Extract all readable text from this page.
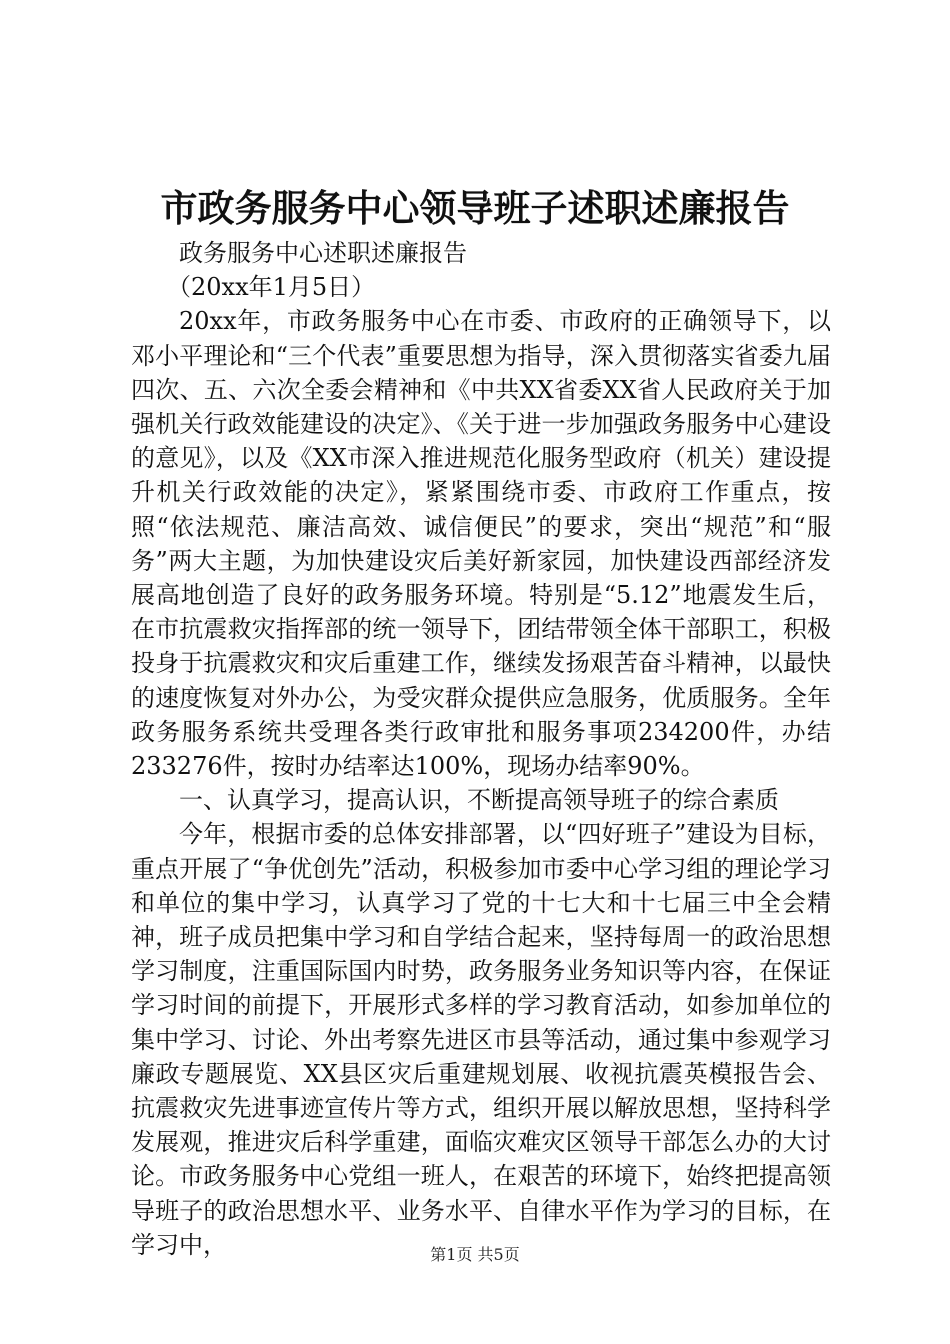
市政务服务中心领导班子述职述廉报告

政务服务中心述职述廉报告

（20xx年1月5日）

20xx年，市政务服务中心在市委、市政府的正确领导下，以邓小平理论和“三个代表”重要思想为指导，深入贯彻落实省委九届四次、五、六次全委会精神和《中共XX省委XX省人民政府关于加强机关行政效能建设的决定》、《关于进一步加强政务服务中心建设的意见》，以及《XX市深入推进规范化服务型政府（机关）建设提升机关行政效能的决定》，紧紧围绕市委、市政府工作重点，按照“依法规范、廉洁高效、诚信便民”的要求，突出“规范”和“服务”两大主题，为加快建设灾后美好新家园，加快建设西部经济发展高地创造了良好的政务服务环境。特别是“5.12”地震发生后，在市抗震救灾指挥部的统一领导下，团结带领全体干部职工，积极投身于抗震救灾和灾后重建工作，继续发扬艰苦奋斗精神，以最快的速度恢复对外办公，为受灾群众提供应急服务，优质服务。全年政务服务系统共受理各类行政审批和服务事项234200件，办结233276件，按时办结率达100%，现场办结率90%。

一、认真学习，提高认识，不断提高领导班子的综合素质

今年，根据市委的总体安排部署，以“四好班子”建设为目标，重点开展了“争优创先”活动，积极参加市委中心学习组的理论学习和单位的集中学习，认真学习了党的十七大和十七届三中全会精神，班子成员把集中学习和自学结合起来，坚持每周一的政治思想学习制度，注重国际国内时势，政务服务业务知识等内容，在保证学习时间的前提下，开展形式多样的学习教育活动，如参加单位的集中学习、讨论、外出考察先进区市县等活动，通过集中参观学习廉政专题展览、XX县区灾后重建规划展、收视抗震英模报告会、抗震救灾先进事迹宣传片等方式，组织开展以解放思想，坚持科学发展观，推进灾后科学重建，面临灾难灾区领导干部怎么办的大讨论。市政务服务中心党组一班人，在艰苦的环境下，始终把提高领导班子的政治思想水平、业务水平、自律水平作为学习的目标，在学习中，	第1页 共5页
